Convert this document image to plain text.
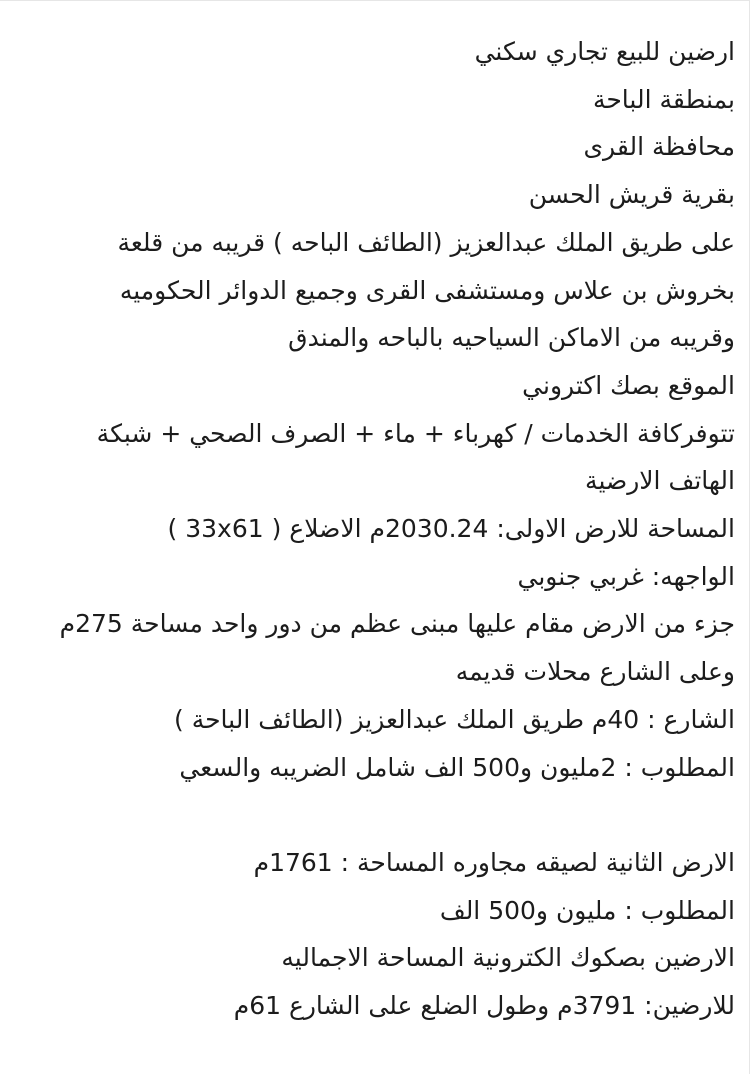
ارضين للبيع تجاري سكني
بمنطقة الباحة
محافظة القرى
بقرية قريش الحسن
على طريق الملك عبدالعزيز (الطائف الباحه ) قريبه من قلعة
بخروش بن علاس ومستشفى القرى وجميع الدوائر الحكوميه
وقريبه من الاماكن السياحيه بالباحه والمندق
الموقع بصك اكتروني
تتوفركافة الخدمات / كهرباء + ماء + الصرف الصحي + شبكة
الهاتف الارضية
المساحة للارض الاولى: 2030.24م الاضلاع ( 33x61 )
الواجهه: غربي جنوبي
جزء من الارض مقام عليها مبنى عظم من دور واحد مساحة 275م
وعلى الشارع محلات قديمه
الشارع : 40م طريق الملك عبدالعزيز (الطائف الباحة )
المطلوب : 2مليون و500 الف شامل الضريبه والسعي
الارض الثانية لصيقه مجاوره المساحة : 1761م
المطلوب : مليون و500 الف
الارضين بصكوك الكترونية المساحة الاجماليه
للارضين: 3791م وطول الضلع على الشارع 61م
